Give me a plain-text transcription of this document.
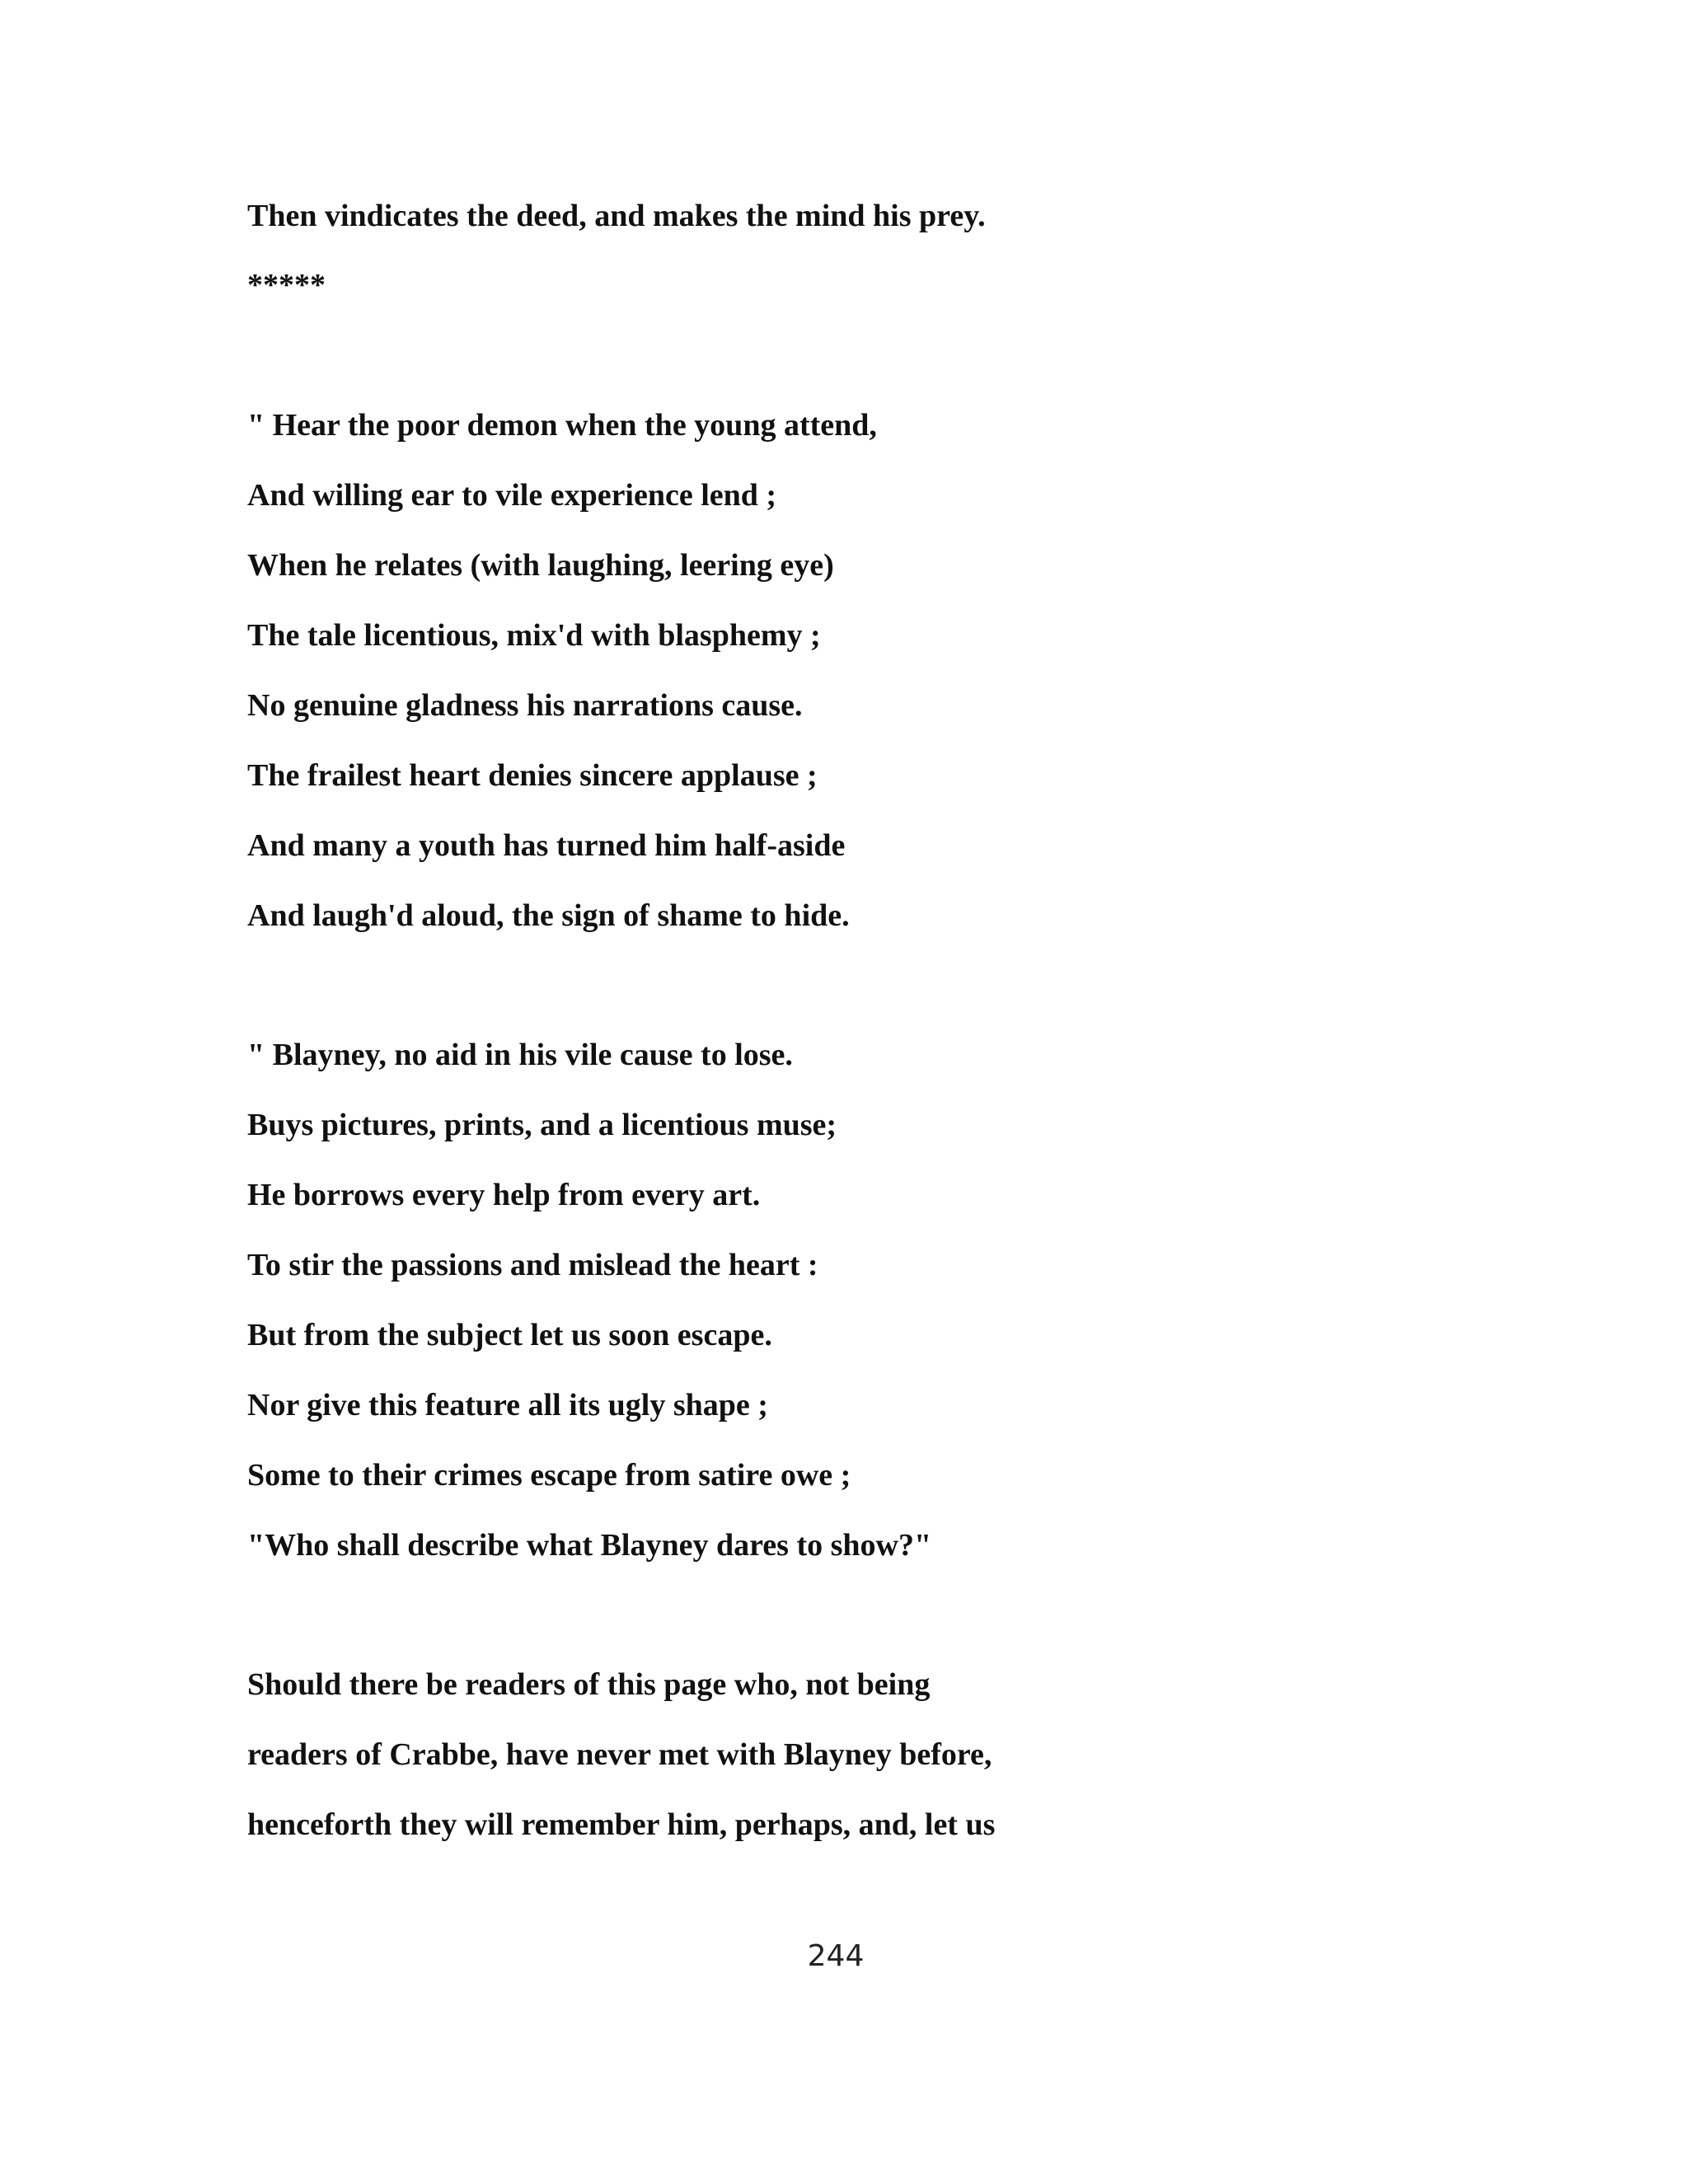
Then vindicates the deed, and makes the mind his prey.
*****
" Hear the poor demon when the young attend,
And willing ear to vile experience lend ;
When he relates (with laughing, leering eye)
The tale licentious, mix'd with blasphemy ;
No genuine gladness his narrations cause.
The frailest heart denies sincere applause ;
And many a youth has turned him half-aside
And laugh'd aloud, the sign of shame to hide.
" Blayney, no aid in his vile cause to lose.
Buys pictures, prints, and a licentious muse;
He borrows every help from every art.
To stir the passions and mislead the heart :
But from the subject let us soon escape.
Nor give this feature all its ugly shape ;
Some to their crimes escape from satire owe ;
"Who shall describe what Blayney dares to show?"
Should there be readers of this page who, not being
readers of Crabbe, have never met with Blayney before,
henceforth they will remember him, perhaps, and, let us
244
